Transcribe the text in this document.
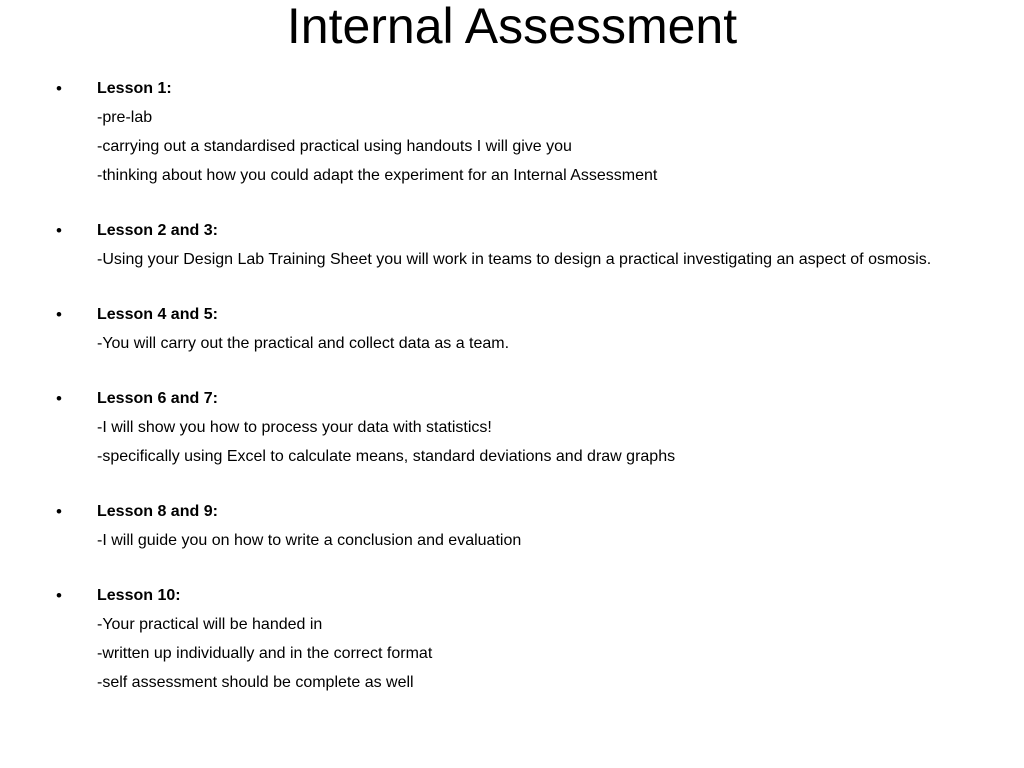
Internal Assessment
• Lesson 1:
-pre-lab
-carrying out a standardised practical using handouts I will give you
-thinking about how you could adapt the experiment for an Internal Assessment
• Lesson 2 and 3:
-Using your Design Lab Training Sheet you will work in teams to design a practical investigating an aspect of osmosis.
• Lesson 4 and 5:
-You will carry out the practical and collect data as a team.
• Lesson 6 and 7:
-I will show you how to process your data with statistics!
-specifically using Excel to calculate means, standard deviations and draw graphs
• Lesson 8 and 9:
-I will guide you on how to write a conclusion and evaluation
• Lesson 10:
-Your practical will be handed in
-written up individually and in the correct format
-self assessment should be complete as well
